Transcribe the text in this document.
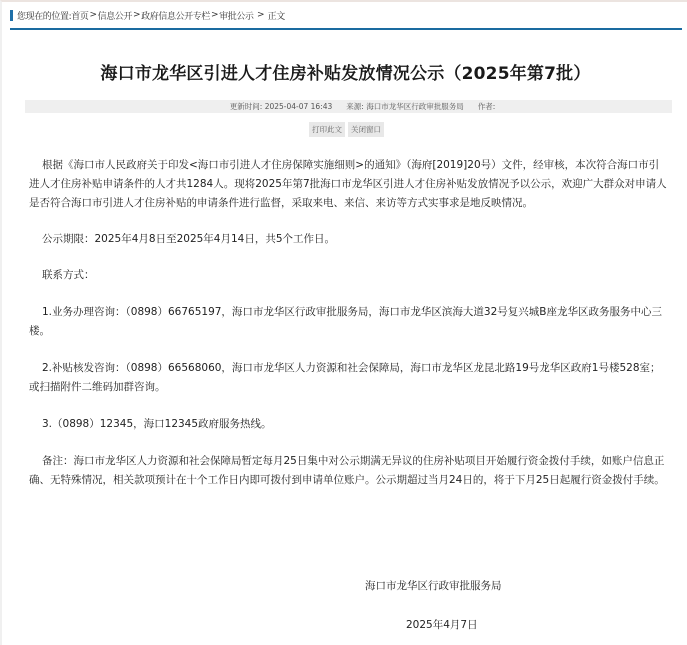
您现在的位置: 首页 > 信息公开 > 政府信息公开专栏 > 审批公示 > 正文
海口市龙华区引进人才住房补贴发放情况公示（2025年第7批）
更新时间: 2025-04-07 16:43 来源: 海口市龙华区行政审批服务局 作者:
打印此文	关闭窗口

根据《海口市人民政府关于印发<海口市引进人才住房保障实施细则>的通知》（海府[2019]20号）文件，经审核，本次符合海口市引进人才住房补贴申请条件的人才共1284人。现将2025年第7批海口市龙华区引进人才住房补贴发放情况予以公示，欢迎广大群众对申请人是否符合海口市引进人才住房补贴的申请条件进行监督，采取来电、来信、来访等方式实事求是地反映情况。

公示期限：2025年4月8日至2025年4月14日，共5个工作日。

联系方式：

1.业务办理咨询：（0898）66765197，海口市龙华区行政审批服务局，海口市龙华区滨海大道32号复兴城B座龙华区政务服务中心三楼。

2.补贴核发咨询：（0898）66568060，海口市龙华区人力资源和社会保障局，海口市龙华区龙昆北路19号龙华区政府1号楼528室；或扫描附件二维码加群咨询。

3.（0898）12345，海口12345政府服务热线。

备注：海口市龙华区人力资源和社会保障局暂定每月25日集中对公示期满无异议的住房补贴项目开始履行资金拨付手续，如账户信息正确、无特殊情况，相关款项预计在十个工作日内即可拨付到申请单位账户。公示期超过当月24日的，将于下月25日起履行资金拨付手续。

海口市龙华区行政审批服务局
2025年4月7日
